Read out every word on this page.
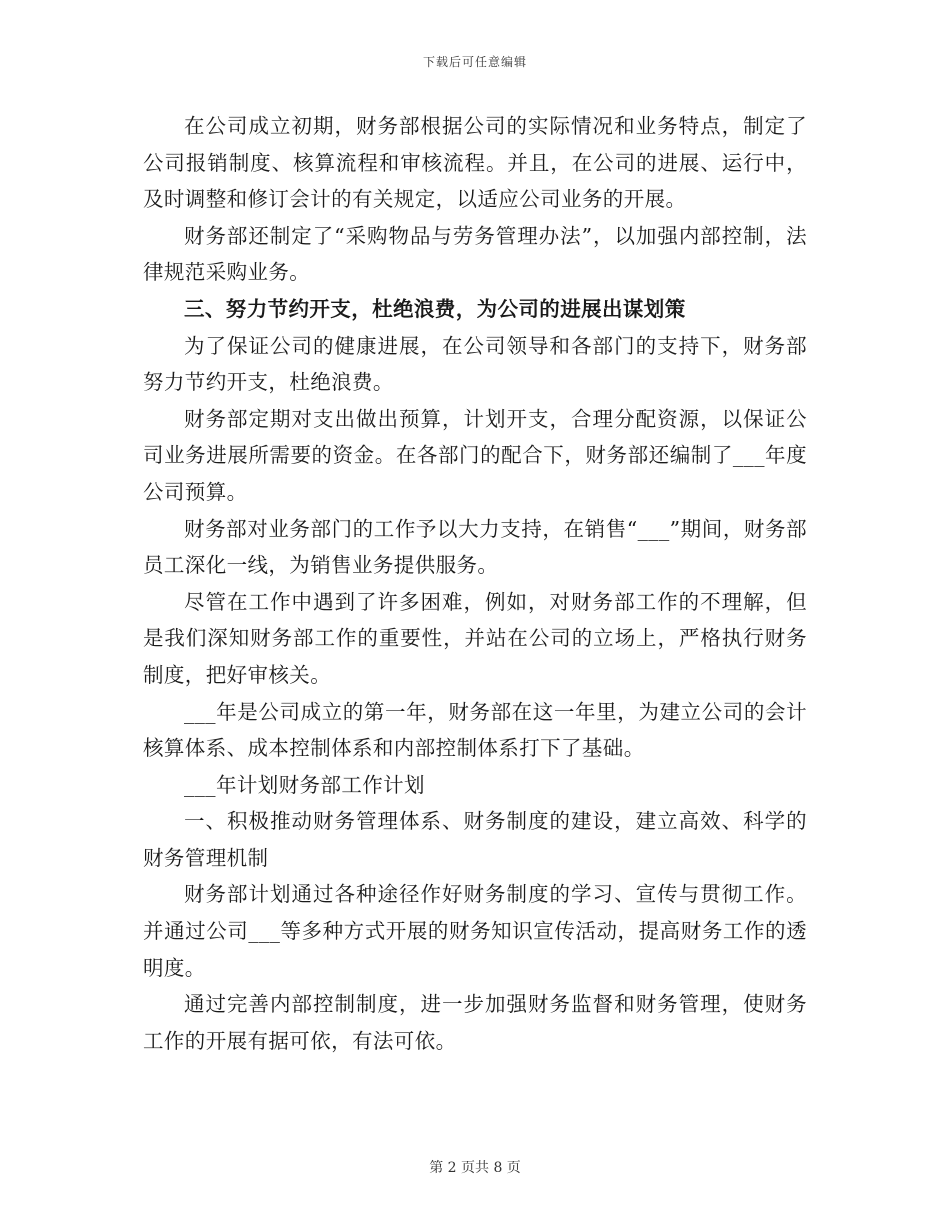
下载后可任意编辑

在公司成立初期，财务部根据公司的实际情况和业务特点，制定了公司报销制度、核算流程和审核流程。并且，在公司的进展、运行中，及时调整和修订会计的有关规定，以适应公司业务的开展。

财务部还制定了“采购物品与劳务管理办法”，以加强内部控制，法律规范采购业务。

三、努力节约开支，杜绝浪费，为公司的进展出谋划策

为了保证公司的健康进展，在公司领导和各部门的支持下，财务部努力节约开支，杜绝浪费。

财务部定期对支出做出预算，计划开支，合理分配资源，以保证公司业务进展所需要的资金。在各部门的配合下，财务部还编制了___年度公司预算。

财务部对业务部门的工作予以大力支持，在销售“___”期间，财务部员工深化一线，为销售业务提供服务。

尽管在工作中遇到了许多困难，例如，对财务部工作的不理解，但是我们深知财务部工作的重要性，并站在公司的立场上，严格执行财务制度，把好审核关。

___年是公司成立的第一年，财务部在这一年里，为建立公司的会计核算体系、成本控制体系和内部控制体系打下了基础。

___年计划财务部工作计划

一、积极推动财务管理体系、财务制度的建设，建立高效、科学的财务管理机制

财务部计划通过各种途径作好财务制度的学习、宣传与贯彻工作。并通过公司___等多种方式开展的财务知识宣传活动，提高财务工作的透明度。

通过完善内部控制制度，进一步加强财务监督和财务管理，使财务工作的开展有据可依，有法可依。

第 2 页共 8 页
